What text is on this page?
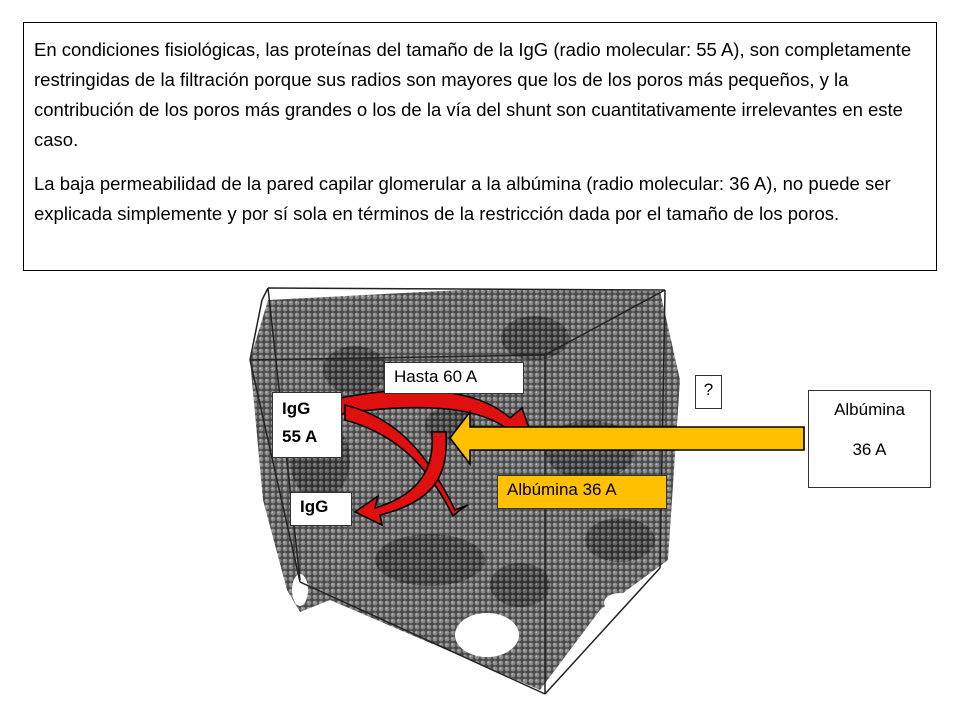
En condiciones fisiológicas, las proteínas del tamaño de la IgG (radio molecular: 55 A), son completamente restringidas de la filtración porque sus radios son mayores que los de los poros más pequeños, y la contribución de los poros más grandes o los de la vía del shunt son cuantitativamente irrelevantes en este caso.

La baja permeabilidad de la pared capilar glomerular a la albúmina (radio molecular: 36 A), no puede ser explicada simplemente y por sí sola en términos de la restricción dada por el tamaño de los poros.

Hasta 60 A
IgG
55 A
IgG
Albúmina 36 A
?
Albúmina
36 A
